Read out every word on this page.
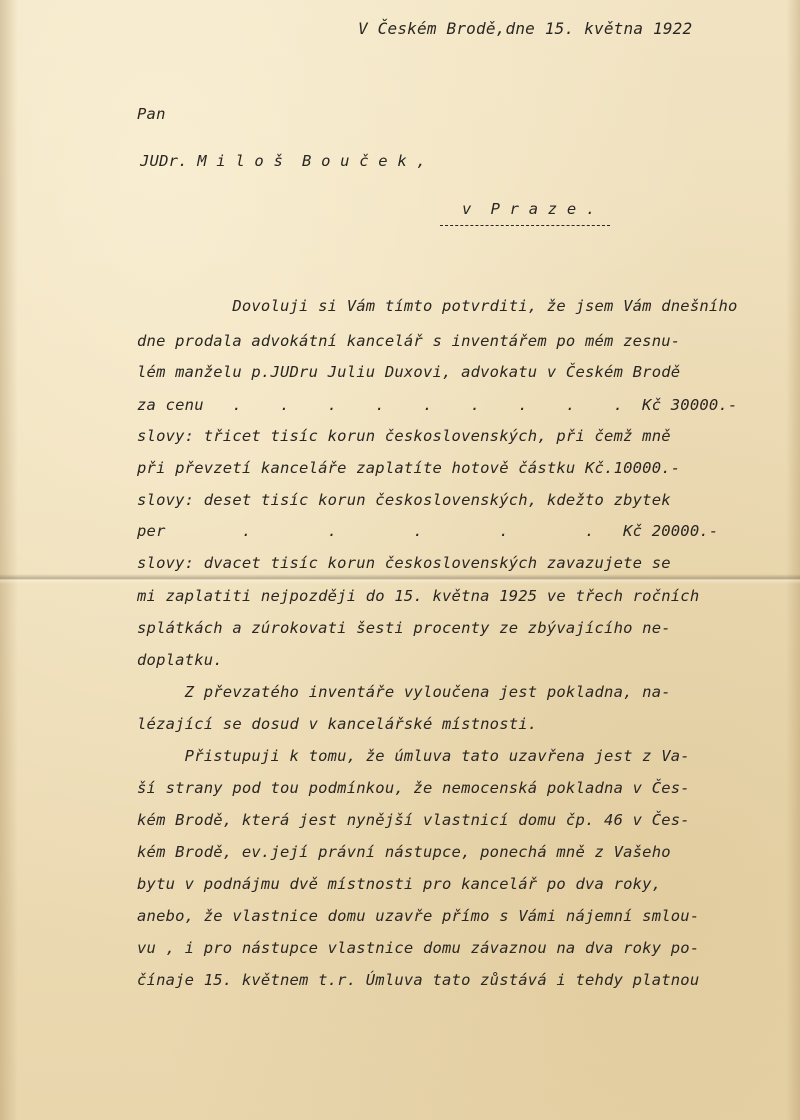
V Českém Brodě,dne 15. května 1922
Pan
JUDr. M i l o š  B o u č e k ,
v  P r a z e .
Dovoluji si Vám tímto potvrditi, že jsem Vám dnešního
dne prodala advokátní kancelář s inventářem po mém zesnu-
lém manželu p.JUDru Juliu Duxovi, advokatu v Českém Brodě
za cenu   .    .    .    .    .    .    .    .    .  Kč 30000.-
slovy: třicet tisíc korun československých, při čemž mně
při převzetí kanceláře zaplatíte hotově částku Kč.10000.-
slovy: deset tisíc korun československých, kdežto zbytek
per        .        .        .        .        .   Kč 20000.-
slovy: dvacet tisíc korun československých zavazujete se
mi zaplatiti nejpozději do 15. května 1925 ve třech ročních
splátkách a zúrokovati šesti procenty ze zbývajícího ne-
doplatku.
Z převzatého inventáře vyloučena jest pokladna, na-
lézající se dosud v kancelářské místnosti.
Přistupuji k tomu, že úmluva tato uzavřena jest z Va-
ší strany pod tou podmínkou, že nemocenská pokladna v Čes-
kém Brodě, která jest nynější vlastnicí domu čp. 46 v Čes-
kém Brodě, ev.její právní nástupce, ponechá mně z Vašeho
bytu v podnájmu dvě místnosti pro kancelář po dva roky,
anebo, že vlastnice domu uzavře přímo s Vámi nájemní smlou-
vu , i pro nástupce vlastnice domu závaznou na dva roky po-
čínaje 15. květnem t.r. Úmluva tato zůstává i tehdy platnou
